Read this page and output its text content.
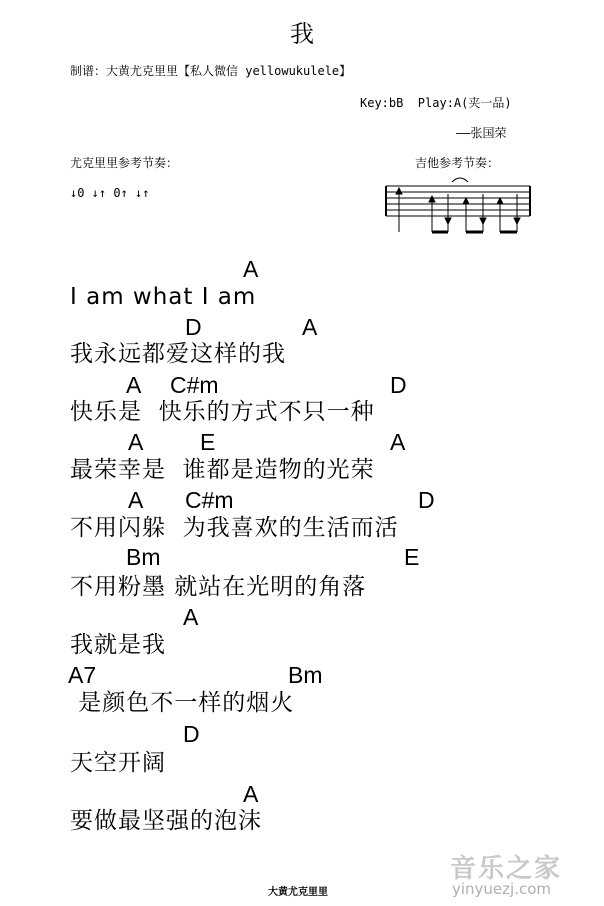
我
制谱：大黄尤克里里【私人微信 yellowukulele】
Key:bB  Play:A(夹一品)
——张国荣
尤克里里参考节奏：
↓0 ↓↑ 0↑ ↓↑
吉他参考节奏：
A
I am what I am
D	A
我永远都爱这样的我
A C#m	D
快乐是  快乐的方式不只一种
A E	A
最荣幸是  谁都是造物的光荣
A C#m	D
不用闪躲  为我喜欢的生活而活
Bm	E
不用粉墨 就站在光明的角落
A
我就是我
A7	Bm
是颜色不一样的烟火
D
天空开阔
A
要做最坚强的泡沫
大黄尤克里里
音乐之家
yinyuezj.com
